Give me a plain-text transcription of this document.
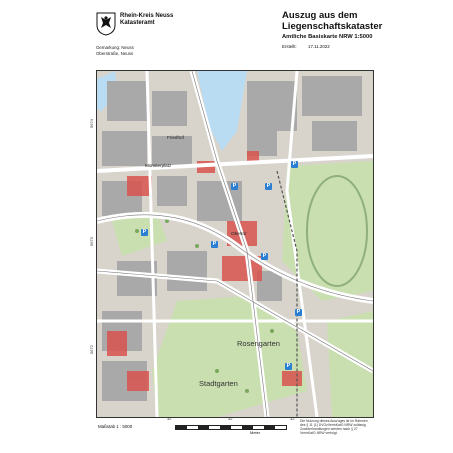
Rhein-Kreis Neuss
Katasteramt
Gemarkung: Neuss
Oberstraße, Neuss
Auszug aus dem
Liegenschaftskataster
Amtliche Basiskarte NRW 1:5000
Erstellt:	17.11.2022
Münsterplatz
Friedhof
Obertor
Rosengarten
Stadtgarten
P	P
P
P
P
P
P
P
5674
5673
5672
32	32	32
Maßstab 1 : 5000
Meter
Die Nutzung dieses Auszuges ist im Rahmen des § 11 (1) DVOzVermKatG NRW zulässig. Zuwiderhandlungen werden nach § 27 VermKatG NRW verfolgt.
